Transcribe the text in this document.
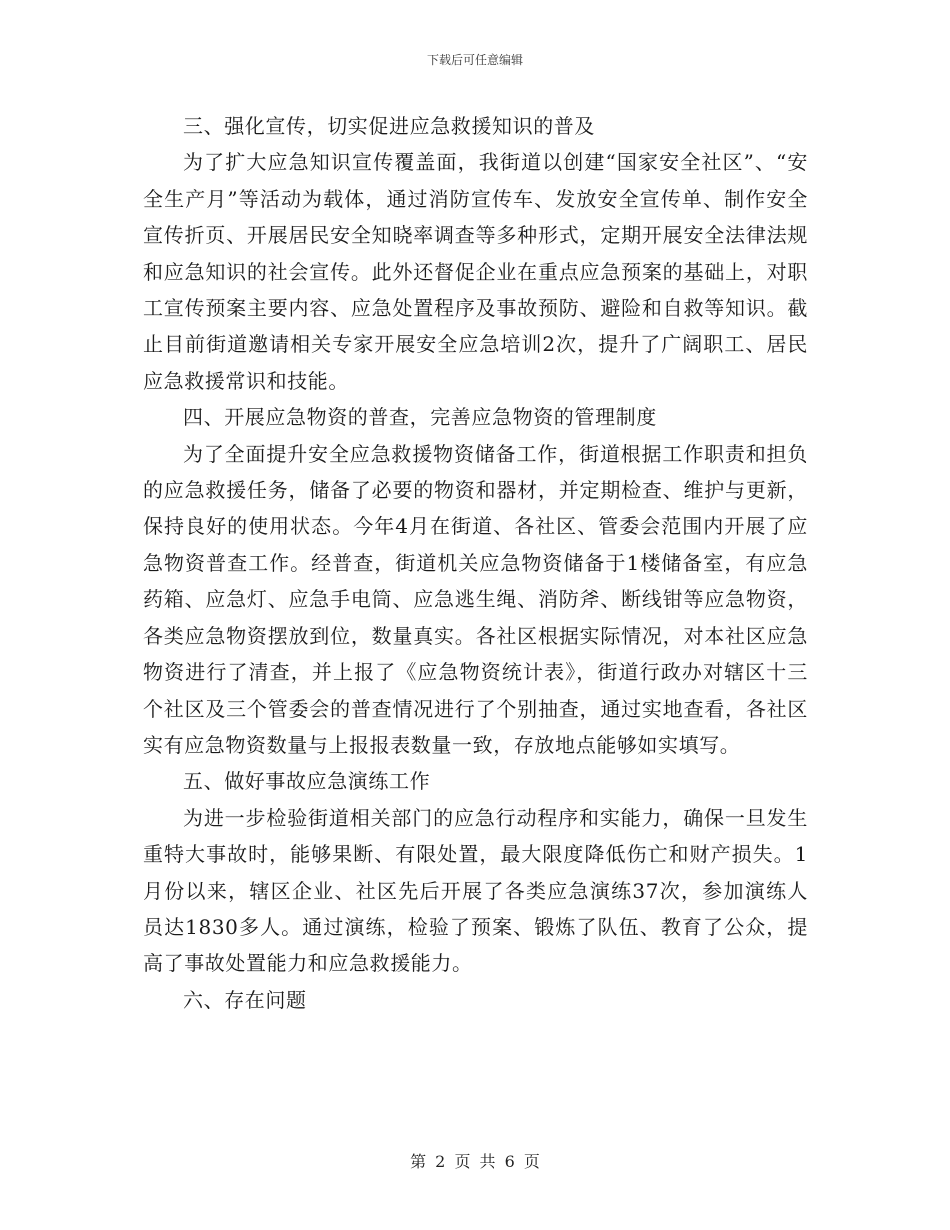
下载后可任意编辑

三、强化宣传，切实促进应急救援知识的普及

为了扩大应急知识宣传覆盖面，我街道以创建“国家安全社区”、“安全生产月”等活动为载体，通过消防宣传车、发放安全宣传单、制作安全宣传折页、开展居民安全知晓率调查等多种形式，定期开展安全法律法规和应急知识的社会宣传。此外还督促企业在重点应急预案的基础上，对职工宣传预案主要内容、应急处置程序及事故预防、避险和自救等知识。截止目前街道邀请相关专家开展安全应急培训2次，提升了广阔职工、居民应急救援常识和技能。

四、开展应急物资的普查，完善应急物资的管理制度

为了全面提升安全应急救援物资储备工作，街道根据工作职责和担负的应急救援任务，储备了必要的物资和器材，并定期检查、维护与更新，保持良好的使用状态。今年4月在街道、各社区、管委会范围内开展了应急物资普查工作。经普查，街道机关应急物资储备于1楼储备室，有应急药箱、应急灯、应急手电筒、应急逃生绳、消防斧、断线钳等应急物资，各类应急物资摆放到位，数量真实。各社区根据实际情况，对本社区应急物资进行了清查，并上报了《应急物资统计表》，街道行政办对辖区十三个社区及三个管委会的普查情况进行了个别抽查，通过实地查看，各社区实有应急物资数量与上报报表数量一致，存放地点能够如实填写。

五、做好事故应急演练工作

为进一步检验街道相关部门的应急行动程序和实能力，确保一旦发生重特大事故时，能够果断、有限处置，最大限度降低伤亡和财产损失。1月份以来，辖区企业、社区先后开展了各类应急演练37次，参加演练人员达1830多人。通过演练，检验了预案、锻炼了队伍、教育了公众，提高了事故处置能力和应急救援能力。

六、存在问题

第 2 页 共 6 页
